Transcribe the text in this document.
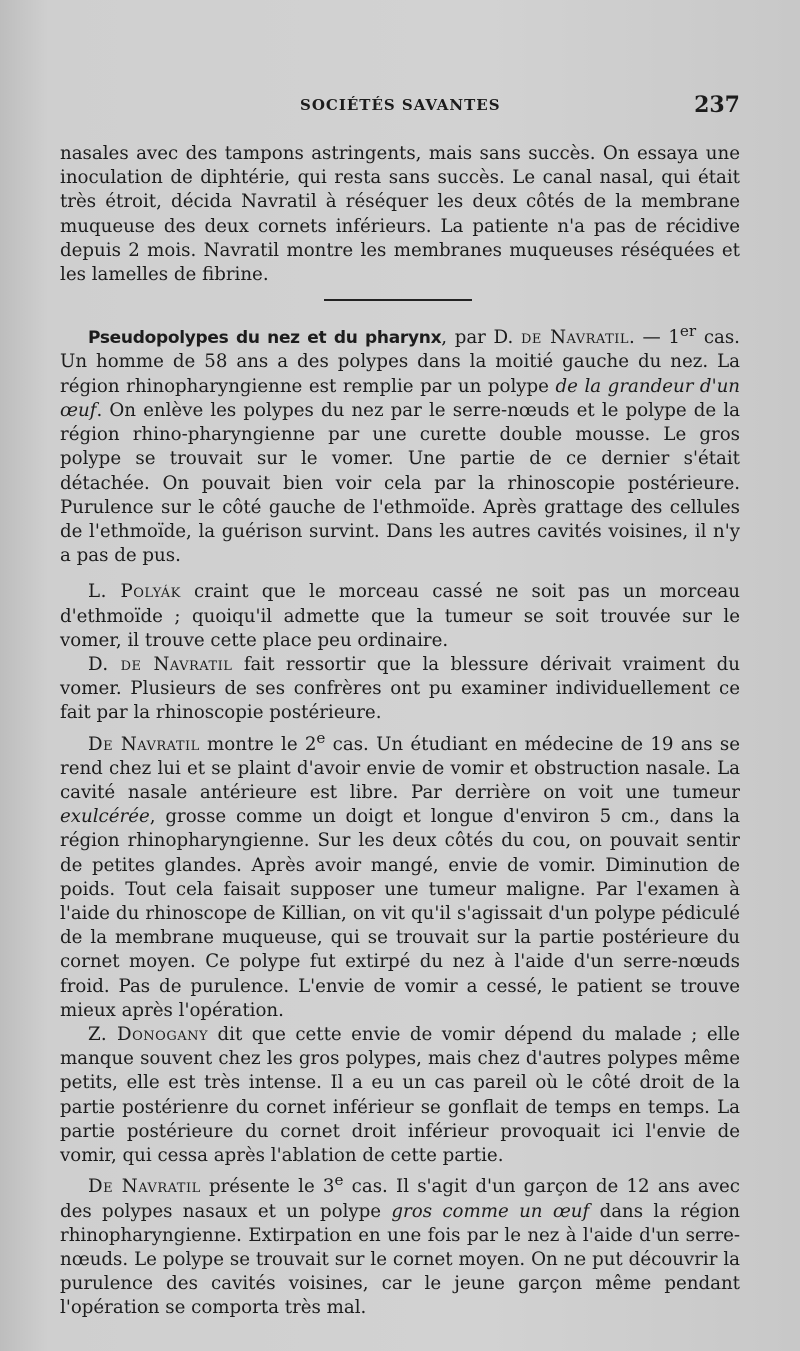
SOCIÉTÉS SAVANTES	237

nasales avec des tampons astringents, mais sans succès. On essaya une inoculation de diphtérie, qui resta sans succès. Le canal nasal, qui était très étroit, décida Navratil à réséquer les deux côtés de la membrane muqueuse des deux cornets inférieurs. La patiente n'a pas de récidive depuis 2 mois. Navratil montre les membranes muqueuses réséquées et les lamelles de fibrine.

Pseudopolypes du nez et du pharynx, par D. de Navratil. — 1er cas. Un homme de 58 ans a des polypes dans la moitié gauche du nez. La région rhinopharyngienne est remplie par un polype de la grandeur d'un œuf. On enlève les polypes du nez par le serre-nœuds et le polype de la région rhino-pharyngienne par une curette double mousse. Le gros polype se trouvait sur le vomer. Une partie de ce dernier s'était détachée. On pouvait bien voir cela par la rhinoscopie postérieure. Purulence sur le côté gauche de l'ethmoïde. Après grattage des cellules de l'ethmoïde, la guérison survint. Dans les autres cavités voisines, il n'y a pas de pus.

L. Polyák craint que le morceau cassé ne soit pas un morceau d'ethmoïde ; quoiqu'il admette que la tumeur se soit trouvée sur le vomer, il trouve cette place peu ordinaire.

D. de Navratil fait ressortir que la blessure dérivait vraiment du vomer. Plusieurs de ses confrères ont pu examiner individuellement ce fait par la rhinoscopie postérieure.

De Navratil montre le 2e cas. Un étudiant en médecine de 19 ans se rend chez lui et se plaint d'avoir envie de vomir et obstruction nasale. La cavité nasale antérieure est libre. Par derrière on voit une tumeur exulcérée, grosse comme un doigt et longue d'environ 5 cm., dans la région rhinopharyngienne. Sur les deux côtés du cou, on pouvait sentir de petites glandes. Après avoir mangé, envie de vomir. Diminution de poids. Tout cela faisait supposer une tumeur maligne. Par l'examen à l'aide du rhinoscope de Killian, on vit qu'il s'agissait d'un polype pédiculé de la membrane muqueuse, qui se trouvait sur la partie postérieure du cornet moyen. Ce polype fut extirpé du nez à l'aide d'un serre-nœuds froid. Pas de purulence. L'envie de vomir a cessé, le patient se trouve mieux après l'opération.

Z. Donogany dit que cette envie de vomir dépend du malade ; elle manque souvent chez les gros polypes, mais chez d'autres polypes même petits, elle est très intense. Il a eu un cas pareil où le côté droit de la partie postérienre du cornet inférieur se gonflait de temps en temps. La partie postérieure du cornet droit inférieur provoquait ici l'envie de vomir, qui cessa après l'ablation de cette partie.

De Navratil présente le 3e cas. Il s'agit d'un garçon de 12 ans avec des polypes nasaux et un polype gros comme un œuf dans la région rhinopharyngienne. Extirpation en une fois par le nez à l'aide d'un serre-nœuds. Le polype se trouvait sur le cornet moyen. On ne put découvrir la purulence des cavités voisines, car le jeune garçon même pendant l'opération se comporta très mal.
